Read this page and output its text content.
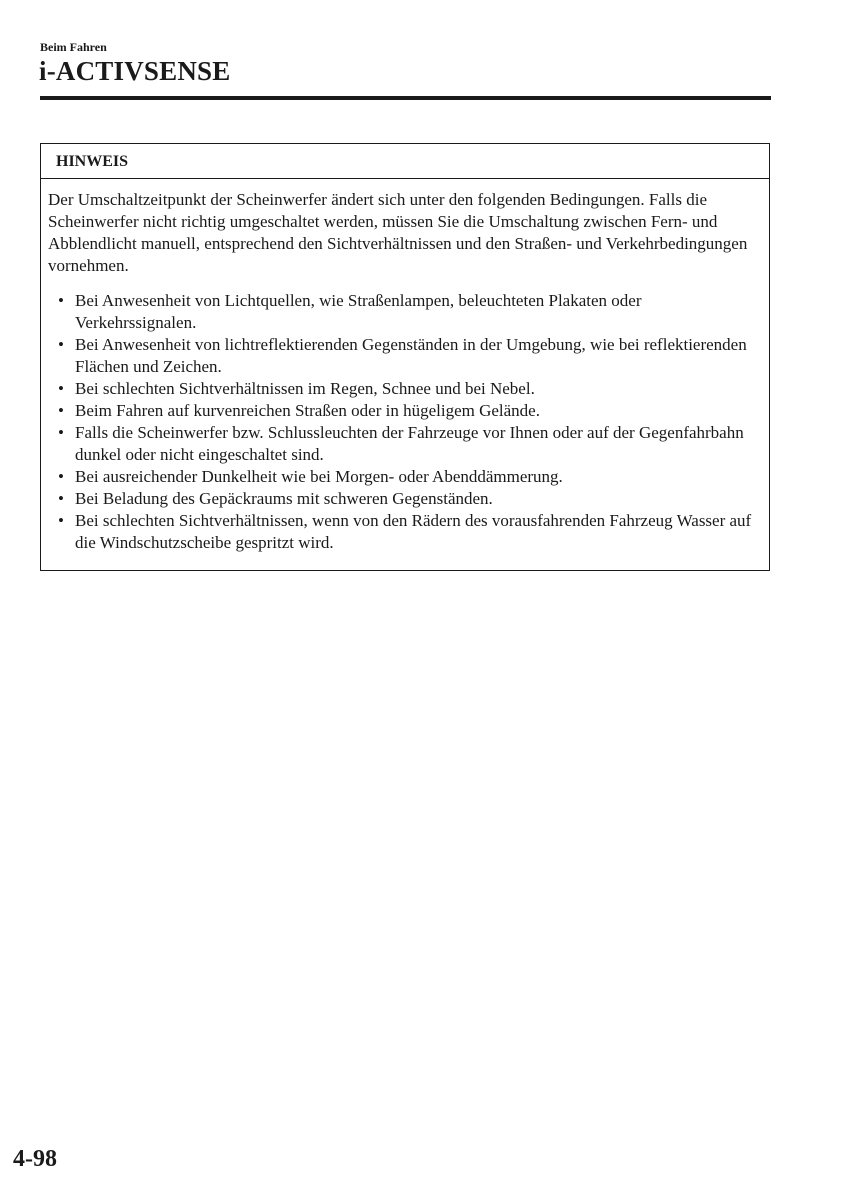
Beim Fahren
i-ACTIVSENSE
HINWEIS

Der Umschaltzeitpunkt der Scheinwerfer ändert sich unter den folgenden Bedingungen. Falls die Scheinwerfer nicht richtig umgeschaltet werden, müssen Sie die Umschaltung zwischen Fern- und Abblendlicht manuell, entsprechend den Sichtverhältnissen und den Straßen- und Verkehrbedingungen vornehmen.

• Bei Anwesenheit von Lichtquellen, wie Straßenlampen, beleuchteten Plakaten oder Verkehrssignalen.
• Bei Anwesenheit von lichtreflektierenden Gegenständen in der Umgebung, wie bei reflektierenden Flächen und Zeichen.
• Bei schlechten Sichtverhältnissen im Regen, Schnee und bei Nebel.
• Beim Fahren auf kurvenreichen Straßen oder in hügeligem Gelände.
• Falls die Scheinwerfer bzw. Schlussleuchten der Fahrzeuge vor Ihnen oder auf der Gegenfahrbahn dunkel oder nicht eingeschaltet sind.
• Bei ausreichender Dunkelheit wie bei Morgen- oder Abenddämmerung.
• Bei Beladung des Gepäckraums mit schweren Gegenständen.
• Bei schlechten Sichtverhältnissen, wenn von den Rädern des vorausfahrenden Fahrzeug Wasser auf die Windschutzscheibe gespritzt wird.
4-98
